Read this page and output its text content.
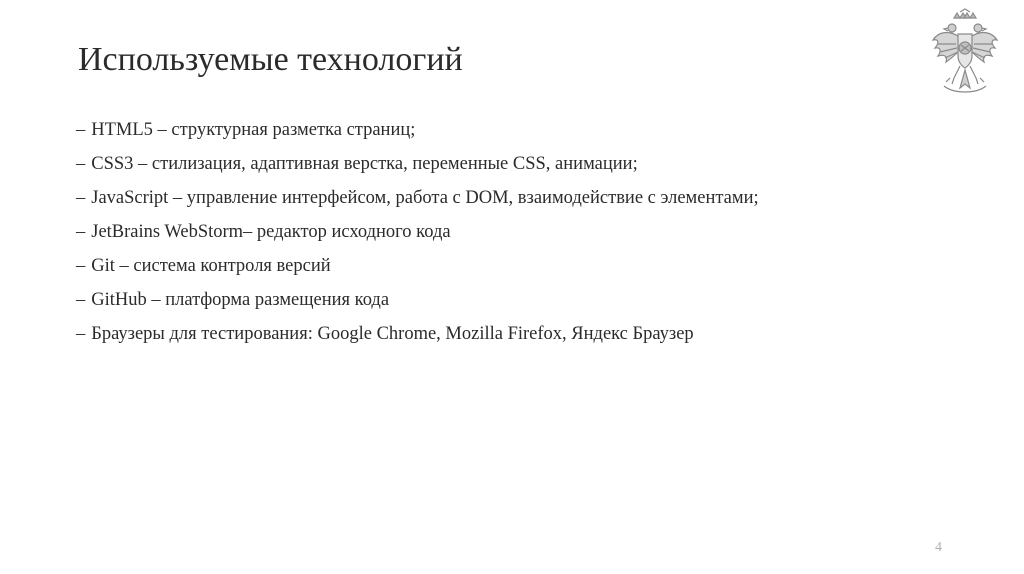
Используемые технологий
– HTML5 – структурная разметка страниц;
– CSS3 – стилизация, адаптивная верстка, переменные CSS, анимации;
– JavaScript – управление интерфейсом, работа с DOM, взаимодействие с элементами;
– JetBrains WebStorm– редактор исходного кода
– Git – система контроля версий
– GitHub – платформа размещения кода
– Браузеры для тестирования: Google Chrome, Mozilla Firefox, Яндекс Браузер
4
